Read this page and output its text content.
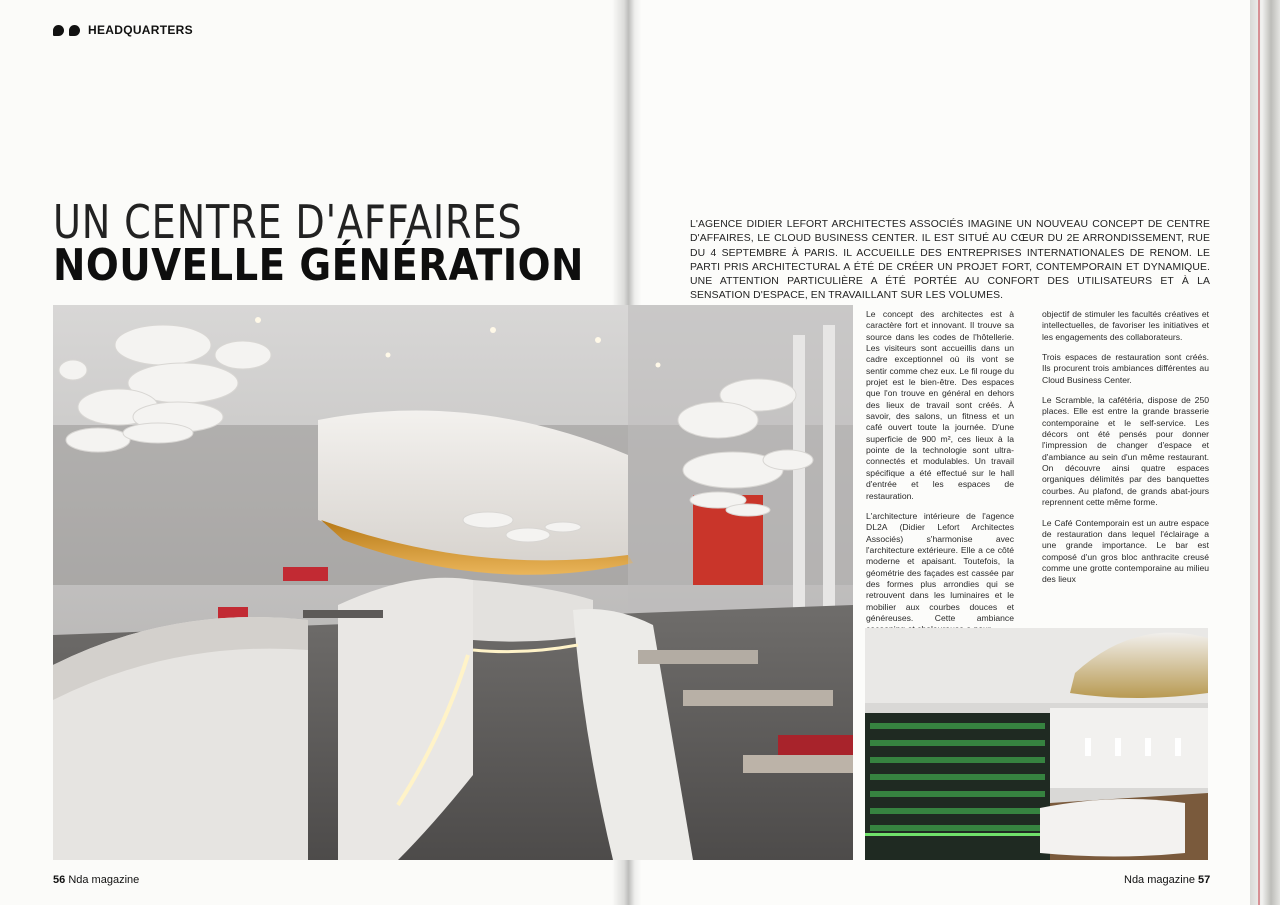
HEADQUARTERS
UN CENTRE D'AFFAIRES
NOUVELLE GÉNÉRATION
L'AGENCE DIDIER LEFORT ARCHITECTES ASSOCIÉS IMAGINE UN NOUVEAU CONCEPT DE CENTRE D'AFFAIRES, LE CLOUD BUSINESS CENTER. IL EST SITUÉ AU CŒUR DU 2E ARRONDISSEMENT, RUE DU 4 SEPTEMBRE À PARIS. IL ACCUEILLE DES ENTREPRISES INTERNATIONALES DE RENOM. LE PARTI PRIS ARCHITECTURAL A ÉTÉ DE CRÉER UN PROJET FORT, CONTEMPORAIN ET DYNAMIQUE. UNE ATTENTION PARTICULIÈRE A ÉTÉ PORTÉE AU CONFORT DES UTILISATEURS ET À LA SENSATION D'ESPACE, EN TRAVAILLANT SUR LES VOLUMES.

Le concept des architectes est à caractère fort et innovant. Il trouve sa source dans les codes de l'hôtellerie. Les visiteurs sont accueillis dans un cadre exceptionnel où ils vont se sentir comme chez eux. Le fil rouge du projet est le bien-être. Des espaces que l'on trouve en général en dehors des lieux de travail sont créés. À savoir, des salons, un fitness et un café ouvert toute la journée. D'une superficie de 900 m², ces lieux à la pointe de la technologie sont ultra-connectés et modulables. Un travail spécifique a été effectué sur le hall d'entrée et les espaces de restauration.

L'architecture intérieure de l'agence DL2A (Didier Lefort Architectes Associés) s'harmonise avec l'architecture extérieure. Elle a ce côté moderne et apaisant. Toutefois, la géométrie des façades est cassée par des formes plus arrondies qui se retrouvent dans les luminaires et le mobilier aux courbes douces et généreuses. Cette ambiance

objectif de stimuler les facultés créatives et intellectuelles, de favoriser les initiatives et les engagements des collaborateurs.

Trois espaces de restauration sont créés. Ils procurent trois ambiances différentes au Cloud Business Center.

Le Scramble, la cafétéria, dispose de 250 places. Elle est entre la grande brasserie contemporaine et le self-service. Les décors ont été pensés pour donner l'impression de changer d'espace et d'ambiance au sein d'un même restaurant. On découvre ainsi quatre espaces organiques délimités par des banquettes courbes. Au plafond, de grands abat-jours reprennent cette même forme.

Le Café Contemporain est un autre espace de restauration dans lequel l'éclairage a une grande importance. Le bar est composé d'un gros bloc anthracite creusé comme une grotte contemporaine au milieu des lieux

56 Nda magazine	Nda magazine 57
